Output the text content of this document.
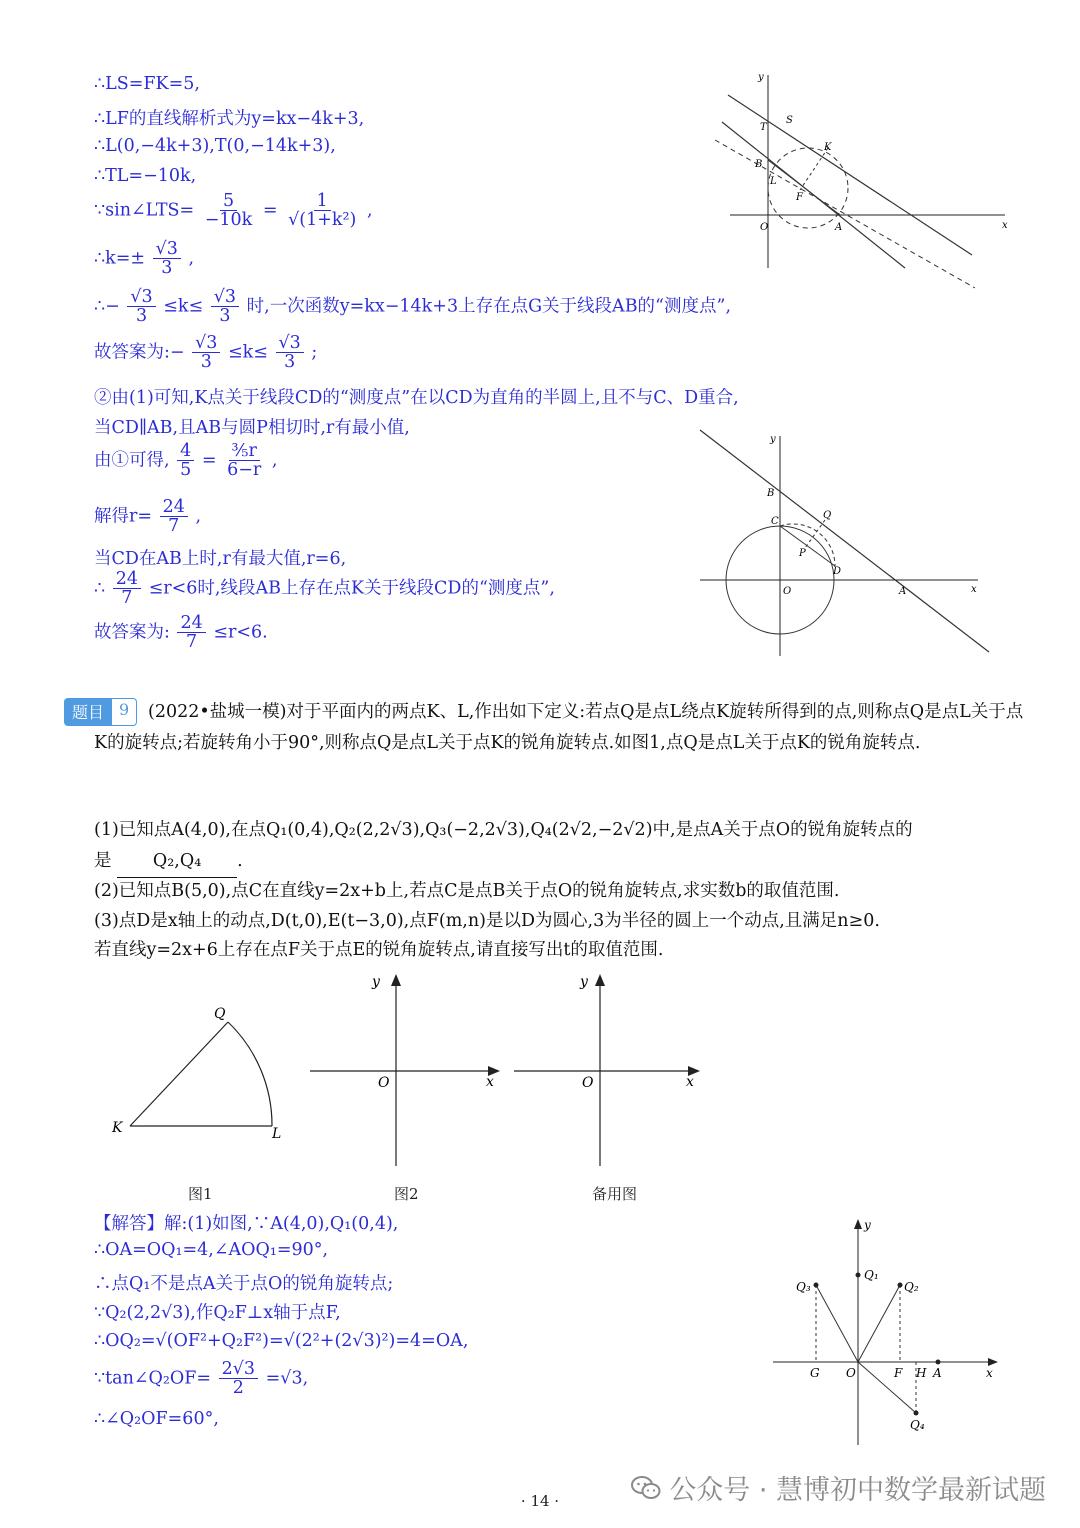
∴LS=FK=5,
∴LF的直线解析式为y=kx−4k+3,
∴L(0,−4k+3),T(0,−14k+3),
∴TL=−10k,
∵sin∠LTS= $\frac{5}{-10k} = \frac{1}{\text{√(1+k²)}}$ ,
∴k=± $\frac{√3}{3}$ ,
∴− $\frac{√3}{3} \le k\le \frac{√3}{3}$ 时,一次函数y=kx−14k+3上存在点G关于线段AB的“测度点”,
故答案为:− $\frac{√3}{3} \le k\le \frac{√3}{3}$ ;
②由(1)可知,K点关于线段CD的“测度点”在以CD为直角的半圆上,且不与C、D重合,
当CD∥AB,且AB与圆P相切时,r有最小值,
由①可得, $\frac{4}{5} = \frac{\text{⅗r}}{6-r}$ ,
解得$r= \frac{24}{7}$ ,
当CD在AB上时,r有最大值,r=6,
∴ $\frac{24}{7} \le r<6$时,线段AB上存在点K关于线段CD的“测度点”,
故答案为: $\frac{24}{7} \le r<6$.
y
x
T
S
K
B
L
F
O	A
y
x
B
C
Q
P
D
O	A
题目 9	(2022•盐城一模)对于平面内的两点K、L,作出如下定义:若点Q是点L绕点K旋转所得到的点,则称点Q是点L关于点K的旋转点;若旋转角小于90°,则称点Q是点L关于点K的锐角旋转点.如图1,点Q是点L关于点K的锐角旋转点.
(1)已知点A(4,0),在点Q₁(0,4),Q₂(2,2√3),Q₃(−2,2√3),Q₄(2√2,−2√2)中,是点A关于点O的锐角旋转点的
是 Q₂,Q₄ .
(2)已知点B(5,0),点C在直线y=2x+b上,若点C是点B关于点O的锐角旋转点,求实数b的取值范围.
(3)点D是x轴上的动点,D(t,0),E(t−3,0),点F(m,n)是以D为圆心,3为半径的圆上一个动点,且满足n≥0.
若直线y=2x+6上存在点F关于点E的锐角旋转点,请直接写出t的取值范围.
Q
K	L
y
x
O
y
x
O
图1	图2	备用图
【解答】解:(1)如图,∵A(4,0),Q₁(0,4),
∴OA=OQ₁=4,∠AOQ₁=90°,
∴点Q₁不是点A关于点O的锐角旋转点;
∵Q₂(2,2√3),作Q₂F⊥x轴于点F,
∴OQ₂=√(OF²+Q₂F²)=√(2²+(2√3)²)=4=OA,
∵tan∠Q₂OF= $\frac{2√3}{2} =√3$,
∴∠Q₂OF=60°,
y
x
Q₁
Q₂
Q₃
Q₄
G O	F H A
公众号 · 慧博初中数学最新试题
· 14 ·
